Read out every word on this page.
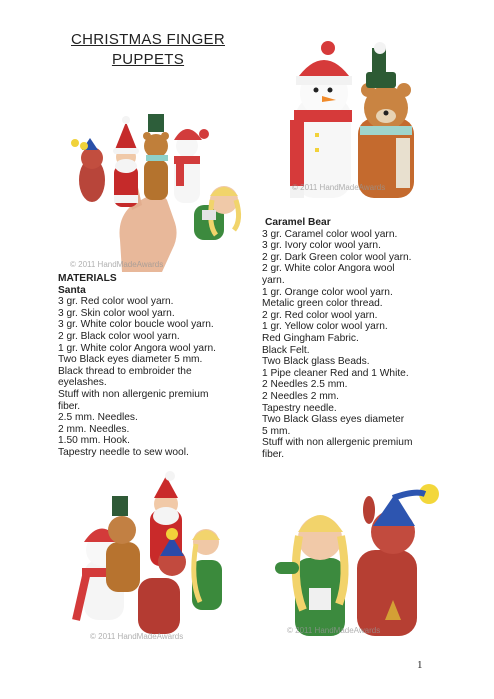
CHRISTMAS FINGER
PUPPETS
© 2011 HandMadeAwards
© 2011 HandMadeAwards
MATERIALS
Santa
3 gr. Red color wool yarn.
3 gr. Skin color wool yarn.
3 gr. White color boucle wool yarn.
2 gr. Black color wool yarn.
1 gr. White color Angora wool yarn.
Two Black eyes diameter 5 mm.
Black thread to embroider the eyelashes.
Stuff with non allergenic premium fiber.
2.5 mm. Needles.
2 mm. Needles.
1.50 mm. Hook.
Tapestry needle to sew wool.
Caramel Bear
3 gr. Caramel color wool yarn.
3 gr. Ivory color wool yarn.
2 gr. Dark Green color wool yarn.
2 gr. White color Angora wool yarn.
1 gr. Orange color wool yarn.
Metalic green color thread.
2 gr. Red color wool yarn.
1 gr. Yellow color wool yarn.
Red Gingham Fabric.
Black Felt.
Two Black glass Beads.
1 Pipe cleaner Red and 1 White.
2 Needles 2.5 mm.
2 Needles 2 mm.
Tapestry needle.
Two Black Glass eyes diameter 5 mm.
Stuff with non allergenic premium fiber.
© 2011 HandMadeAwards
© 2011 HandMadeAwards
1
